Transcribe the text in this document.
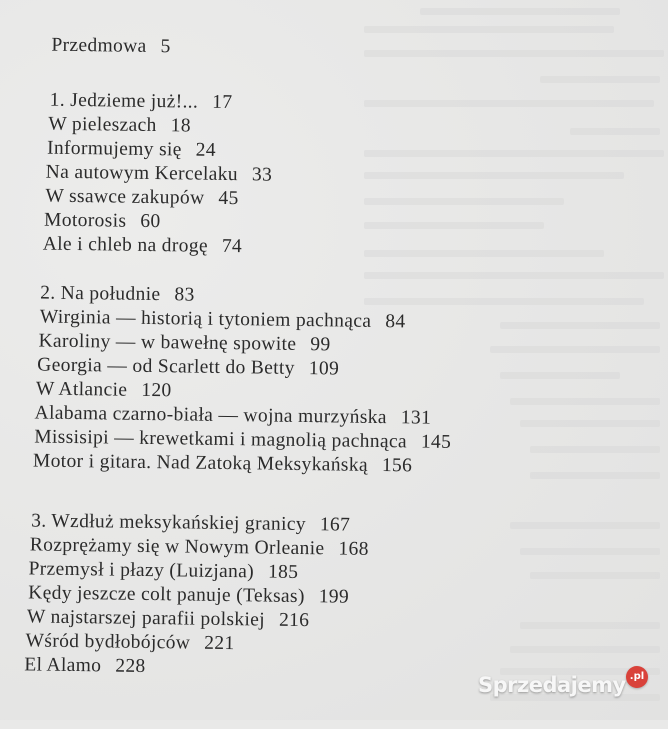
Przedmowa 5
1. Jedzieme już!... 17
W pieleszach 18
Informujemy się 24
Na autowym Kercelaku 33
W ssawce zakupów 45
Motorosis 60
Ale i chleb na drogę 74
2. Na południe 83
Wirginia — historią i tytoniem pachnąca 84
Karoliny — w bawełnę spowite 99
Georgia — od Scarlett do Betty 109
W Atlancie 120
Alabama czarno-biała — wojna murzyńska 131
Missisipi — krewetkami i magnolią pachnąca 145
Motor i gitara. Nad Zatoką Meksykańską 156
3. Wzdłuż meksykańskiej granicy 167
Rozprężamy się w Nowym Orleanie 168
Przemysł i płazy (Luizjana) 185
Kędy jeszcze colt panuje (Teksas) 199
W najstarszej parafii polskiej 216
Wśród bydłobójców 221
El Alamo 228
Sprzedajemy .pl
